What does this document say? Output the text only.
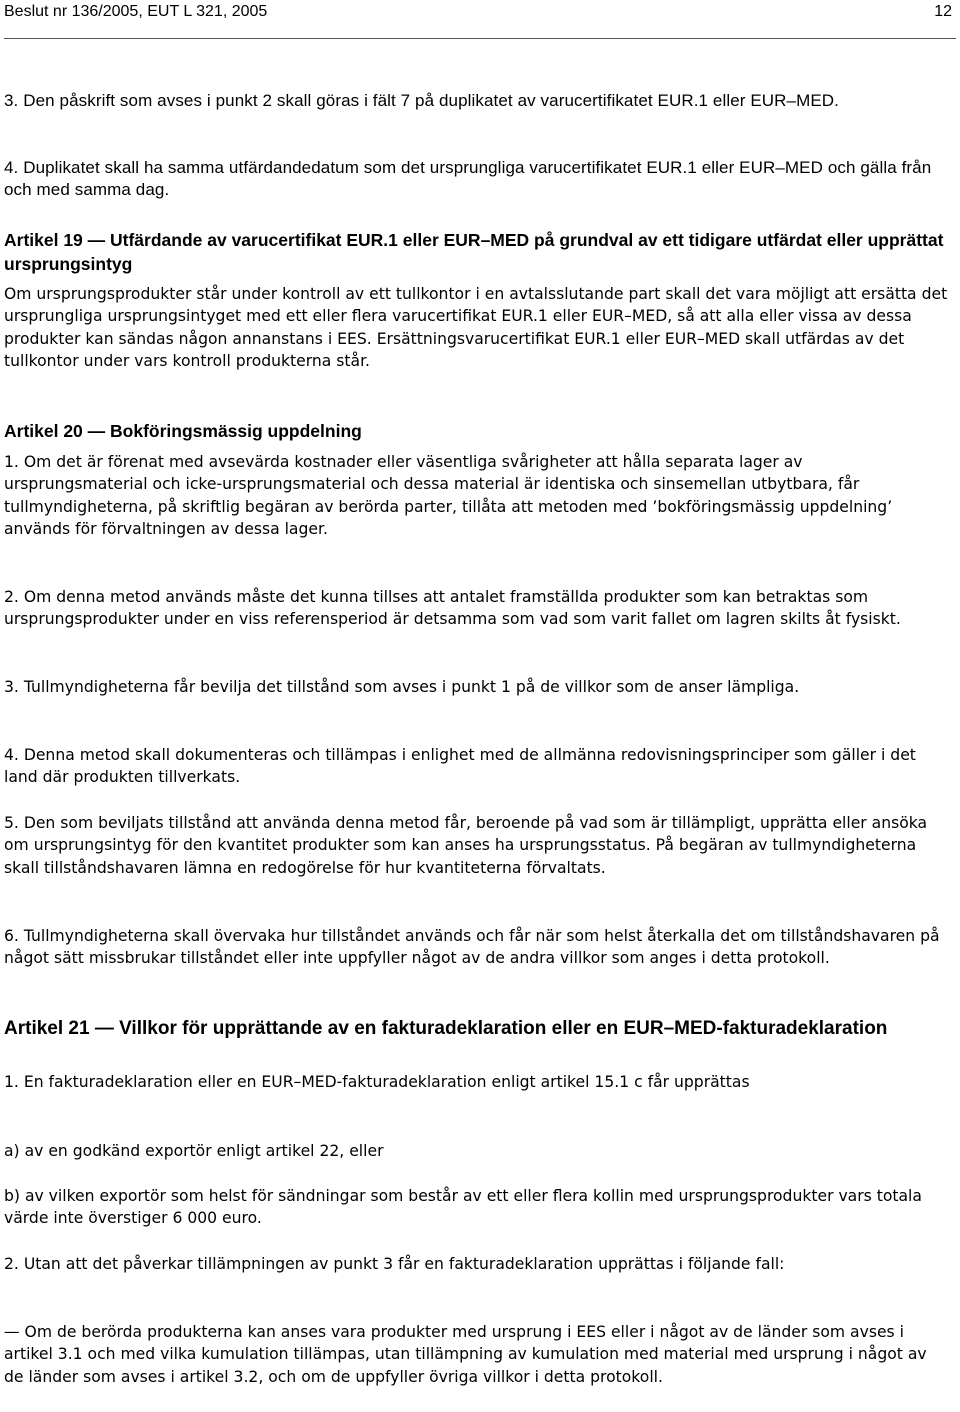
Beslut nr 136/2005, EUT L 321, 2005	12

3. Den påskrift som avses i punkt 2 skall göras i fält 7 på duplikatet av varucertifikatet EUR.1 eller EUR–MED.

4. Duplikatet skall ha samma utfärdandedatum som det ursprungliga varucertifikatet EUR.1 eller EUR–MED och gälla från och med samma dag.

Artikel 19 — Utfärdande av varucertifikat EUR.1 eller EUR–MED på grundval av ett tidigare utfärdat eller upprättat ursprungsintyg

Om ursprungsprodukter står under kontroll av ett tullkontor i en avtalsslutande part skall det vara möjligt att ersätta det ursprungliga ursprungsintyget med ett eller flera varucertifikat EUR.1 eller EUR–MED, så att alla eller vissa av dessa produkter kan sändas någon annanstans i EES. Ersättningsvarucertifikat EUR.1 eller EUR–MED skall utfärdas av det tullkontor under vars kontroll produkterna står.

Artikel 20 — Bokföringsmässig uppdelning

1. Om det är förenat med avsevärda kostnader eller väsentliga svårigheter att hålla separata lager av ursprungsmaterial och icke-ursprungsmaterial och dessa material är identiska och sinsemellan utbytbara, får tullmyndigheterna, på skriftlig begäran av berörda parter, tillåta att metoden med ’bokföringsmässig uppdelning’ används för förvaltningen av dessa lager.

2. Om denna metod används måste det kunna tillses att antalet framställda produkter som kan betraktas som ursprungsprodukter under en viss referensperiod är detsamma som vad som varit fallet om lagren skilts åt fysiskt.

3. Tullmyndigheterna får bevilja det tillstånd som avses i punkt 1 på de villkor som de anser lämpliga.

4. Denna metod skall dokumenteras och tillämpas i enlighet med de allmänna redovisningsprinciper som gäller i det land där produkten tillverkats.

5. Den som beviljats tillstånd att använda denna metod får, beroende på vad som är tillämpligt, upprätta eller ansöka om ursprungsintyg för den kvantitet produkter som kan anses ha ursprungsstatus. På begäran av tullmyndigheterna skall tillståndshavaren lämna en redogörelse för hur kvantiteterna förvaltats.

6. Tullmyndigheterna skall övervaka hur tillståndet används och får när som helst återkalla det om tillståndshavaren på något sätt missbrukar tillståndet eller inte uppfyller något av de andra villkor som anges i detta protokoll.

Artikel 21 — Villkor för upprättande av en fakturadeklaration eller en EUR–MED-fakturadeklaration

1. En fakturadeklaration eller en EUR–MED-fakturadeklaration enligt artikel 15.1 c får upprättas

a) av en godkänd exportör enligt artikel 22, eller

b) av vilken exportör som helst för sändningar som består av ett eller flera kollin med ursprungsprodukter vars totala värde inte överstiger 6 000 euro.

2. Utan att det påverkar tillämpningen av punkt 3 får en fakturadeklaration upprättas i följande fall:

— Om de berörda produkterna kan anses vara produkter med ursprung i EES eller i något av de länder som avses i artikel 3.1 och med vilka kumulation tillämpas, utan tillämpning av kumulation med material med ursprung i något av de länder som avses i artikel 3.2, och om de uppfyller övriga villkor i detta protokoll.
